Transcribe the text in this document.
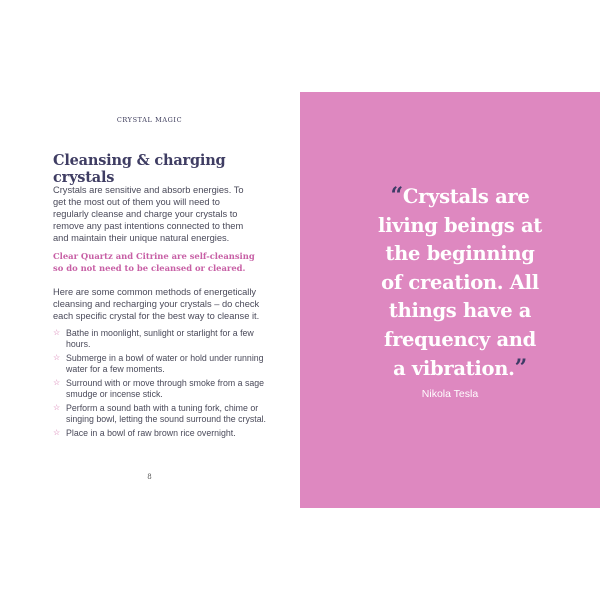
CRYSTAL MAGIC
Cleansing & charging crystals

Crystals are sensitive and absorb energies. To get the most out of them you will need to regularly cleanse and charge your crystals to remove any past intentions connected to them and maintain their unique natural energies.

Clear Quartz and Citrine are self-cleansing so do not need to be cleansed or cleared.

Here are some common methods of energetically cleansing and recharging your crystals – do check each specific crystal for the best way to cleanse it.

☆ Bathe in moonlight, sunlight or starlight for a few hours.
☆ Submerge in a bowl of water or hold under running water for a few moments.
☆ Surround with or move through smoke from a sage smudge or incense stick.
☆ Perform a sound bath with a tuning fork, chime or singing bowl, letting the sound surround the crystal.
☆ Place in a bowl of raw brown rice overnight.
8
“Crystals are
living beings at
the beginning
of creation. All
things have a
frequency and
a vibration.”
Nikola Tesla
